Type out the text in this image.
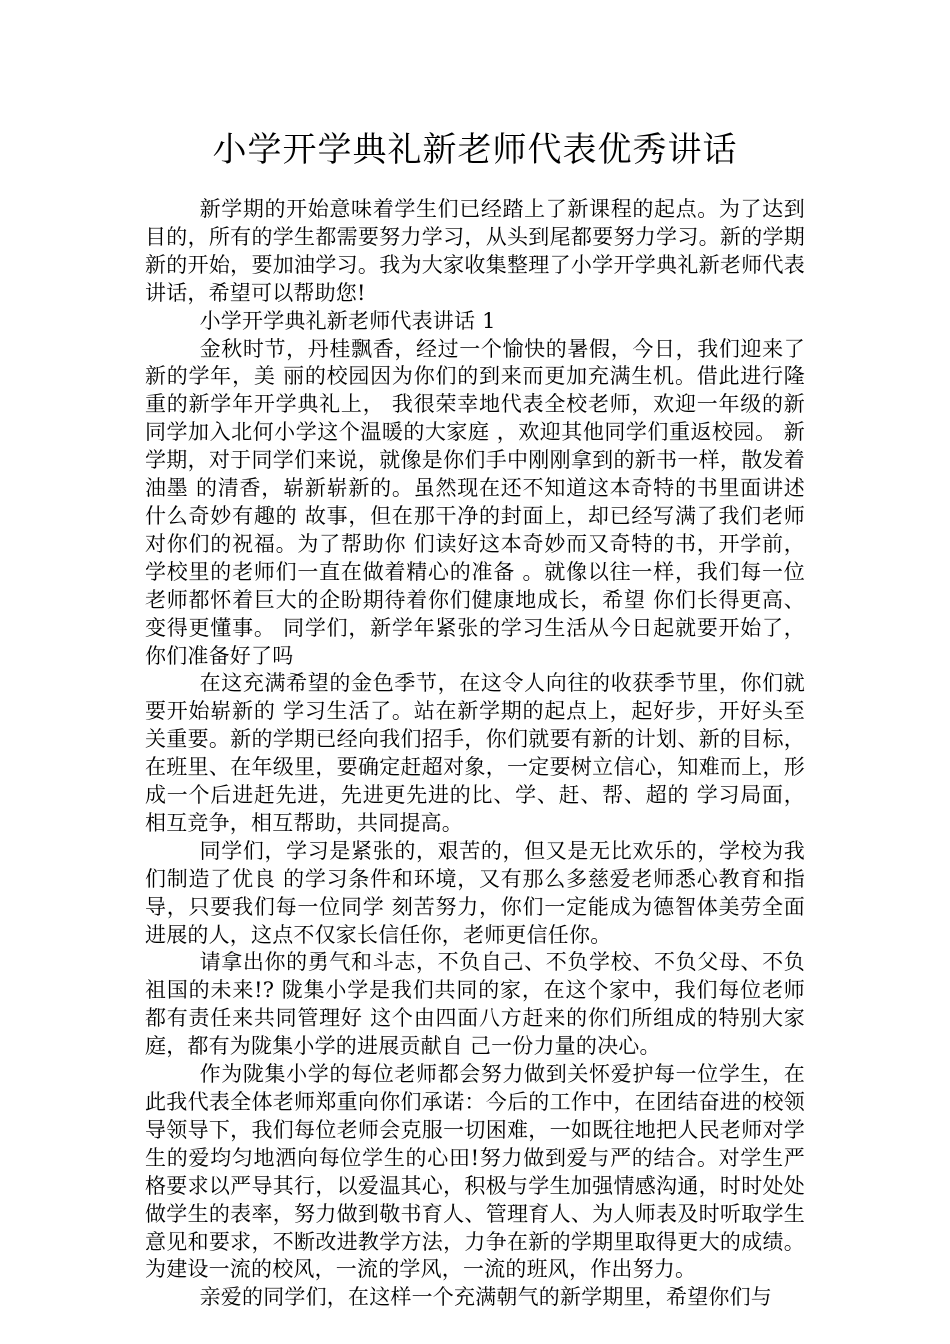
小学开学典礼新老师代表优秀讲话

新学期的开始意味着学生们已经踏上了新课程的起点。为了达到目的，所有的学生都需要努力学习，从头到尾都要努力学习。新的学期新的开始，要加油学习。我为大家收集整理了小学开学典礼新老师代表讲话，希望可以帮助您!

小学开学典礼新老师代表讲话 1

金秋时节，丹桂飘香，经过一个愉快的暑假，今日，我们迎来了新的学年，美 丽的校园因为你们的到来而更加充满生机。借此进行隆重的新学年开学典礼上， 我很荣幸地代表全校老师，欢迎一年级的新同学加入北何小学这个温暖的大家庭 ，欢迎其他同学们重返校园。 新学期，对于同学们来说，就像是你们手中刚刚拿到的新书一样，散发着油墨 的清香，崭新崭新的。虽然现在还不知道这本奇特的书里面讲述什么奇妙有趣的 故事，但在那干净的封面上，却已经写满了我们老师对你们的祝福。为了帮助你 们读好这本奇妙而又奇特的书，开学前，学校里的老师们一直在做着精心的准备 。就像以往一样，我们每一位老师都怀着巨大的企盼期待着你们健康地成长，希望 你们长得更高、变得更懂事。 同学们，新学年紧张的学习生活从今日起就要开始了，你们准备好了吗

在这充满希望的金色季节，在这令人向往的收获季节里，你们就要开始崭新的 学习生活了。站在新学期的起点上，起好步，开好头至关重要。新的学期已经向我们招手，你们就要有新的计划、新的目标，在班里、在年级里，要确定赶超对象，一定要树立信心，知难而上，形成一个后进赶先进，先进更先进的比、学、赶、帮、超的 学习局面，相互竞争，相互帮助，共同提高。

同学们，学习是紧张的，艰苦的，但又是无比欢乐的，学校为我们制造了优良 的学习条件和环境，又有那么多慈爱老师悉心教育和指导，只要我们每一位同学 刻苦努力，你们一定能成为德智体美劳全面进展的人，这点不仅家长信任你，老师更信任你。

请拿出你的勇气和斗志，不负自己、不负学校、不负父母、不负祖国的未来!? 陇集小学是我们共同的家，在这个家中，我们每位老师都有责任来共同管理好 这个由四面八方赶来的你们所组成的特别大家庭，都有为陇集小学的进展贡献自 己一份力量的决心。

作为陇集小学的每位老师都会努力做到关怀爱护每一位学生，在此我代表全体老师郑重向你们承诺：今后的工作中，在团结奋进的校领导领导下，我们每位老师会克服一切困难，一如既往地把人民老师对学生的爱均匀地洒向每位学生的心田!努力做到爱与严的结合。对学生严格要求以严导其行，以爱温其心，积极与学生加强情感沟通，时时处处做学生的表率，努力做到敬书育人、管理育人、为人师表及时听取学生意见和要求，不断改进教学方法，力争在新的学期里取得更大的成绩。为建设一流的校风，一流的学风，一流的班风，作出努力。

亲爱的同学们，在这样一个充满朝气的新学期里，希望你们与
